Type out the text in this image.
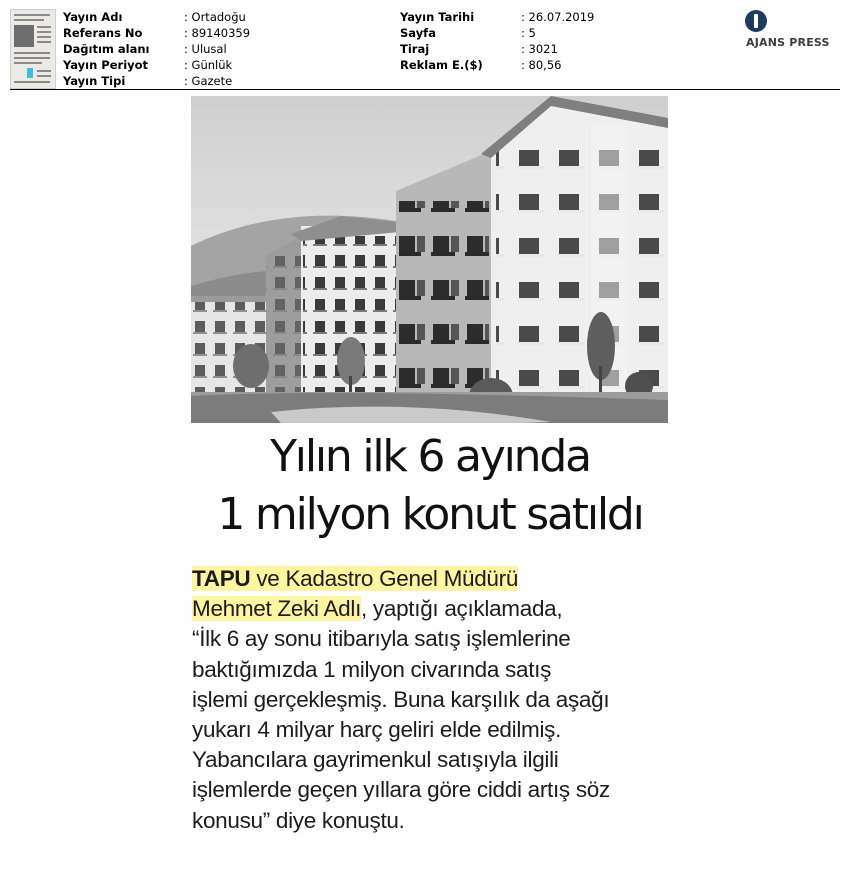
Yayın Adı	: Ortadoğu
Referans No	: 89140359
Dağıtım alanı	: Ulusal
Yayın Periyot	: Günlük
Yayın Tipi	: Gazete
Yayın Tarihi	: 26.07.2019
Sayfa	: 5
Tiraj	: 3021
Reklam E.($)	: 80,56
AJANS PRESS
Yılın ilk 6 ayında
1 milyon konut satıldı
TAPU ve Kadastro Genel Müdürü
Mehmet Zeki Adlı, yaptığı açıklamada,
“İlk 6 ay sonu itibarıyla satış işlemlerine
baktığımızda 1 milyon civarında satış
işlemi gerçekleşmiş. Buna karşılık da aşağı
yukarı 4 milyar harç geliri elde edilmiş.
Yabancılara gayrimenkul satışıyla ilgili
işlemlerde geçen yıllara göre ciddi artış söz
konusu” diye konuştu.
